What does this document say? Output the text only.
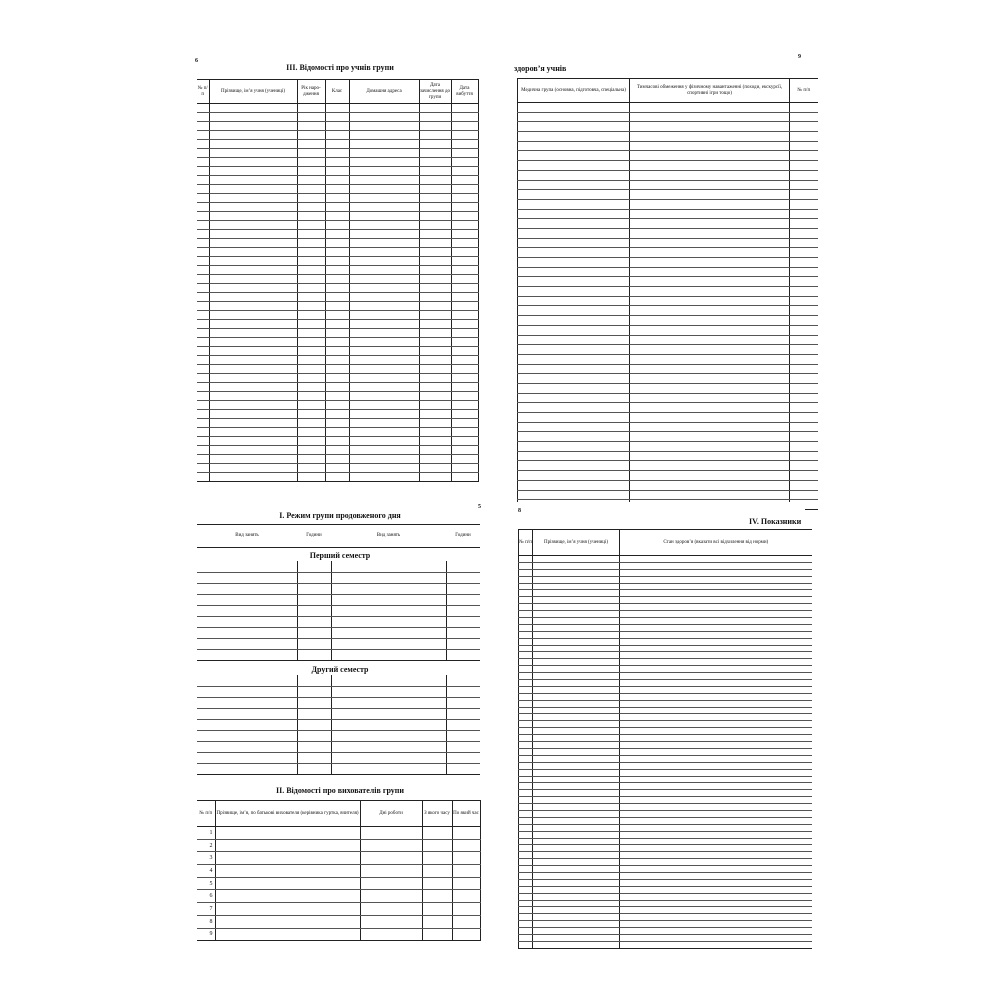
6
ІІІ. Відомості про учнів групи
№ п/п	Прізвище, ім’я учня (учениці)	Рік народження	Клас	Домашня адреса	Дата зачислення до групи	Дата вибуття

9
здоров’я учнів
Медична група (основна, підготовча, спеціальна)	Тимчасові обмеження у фізичному навантаженні (походи, екскурсії, спортивні ігри тощо)	№ п/п

5
І. Режим групи продовженого дня
Вид занять	Години	Вид занять	Години
Перший семестр

Другий семестр

ІІ. Відомості про вихователів групи
№ п/п	Прізвище, ім’я, по батькові вихователя (керівника гуртка, вчителя)	Дні роботи	З якого часу	По який час
1				
2				
3				
4				
5				
6				
7				
8				
9				
8
IV. Показники
№ п/п	Прізвище, ім’я учня (учениці)	Стан здоров’я (вказати всі відхилення від норми)
